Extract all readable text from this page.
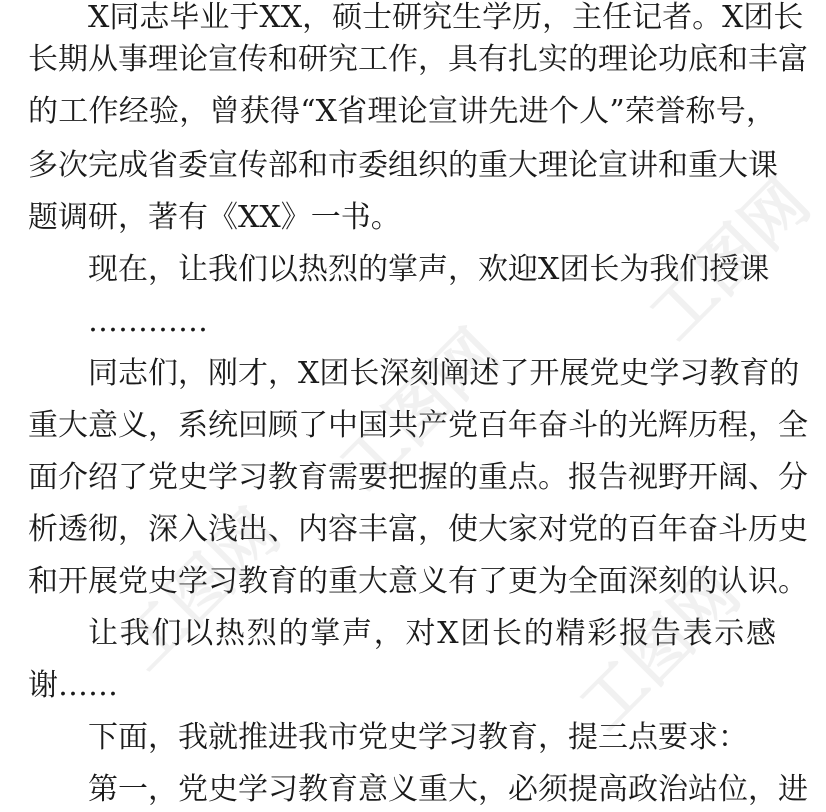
X同志毕业于XX，硕士研究生学历，主任记者。X团长
长期从事理论宣传和研究工作，具有扎实的理论功底和丰富
的工作经验，曾获得“X省理论宣讲先进个人”荣誉称号，
多次完成省委宣传部和市委组织的重大理论宣讲和重大课
题调研，著有《XX》一书。
现在，让我们以热烈的掌声，欢迎X团长为我们授课
…………
同志们，刚才，X团长深刻阐述了开展党史学习教育的
重大意义，系统回顾了中国共产党百年奋斗的光辉历程，全
面介绍了党史学习教育需要把握的重点。报告视野开阔、分
析透彻，深入浅出、内容丰富，使大家对党的百年奋斗历史
和开展党史学习教育的重大意义有了更为全面深刻的认识。
让我们以热烈的掌声，对X团长的精彩报告表示感
谢……
下面，我就推进我市党史学习教育，提三点要求：
第一，党史学习教育意义重大，必须提高政治站位，进
工图网
工图网
工图网	工图网
